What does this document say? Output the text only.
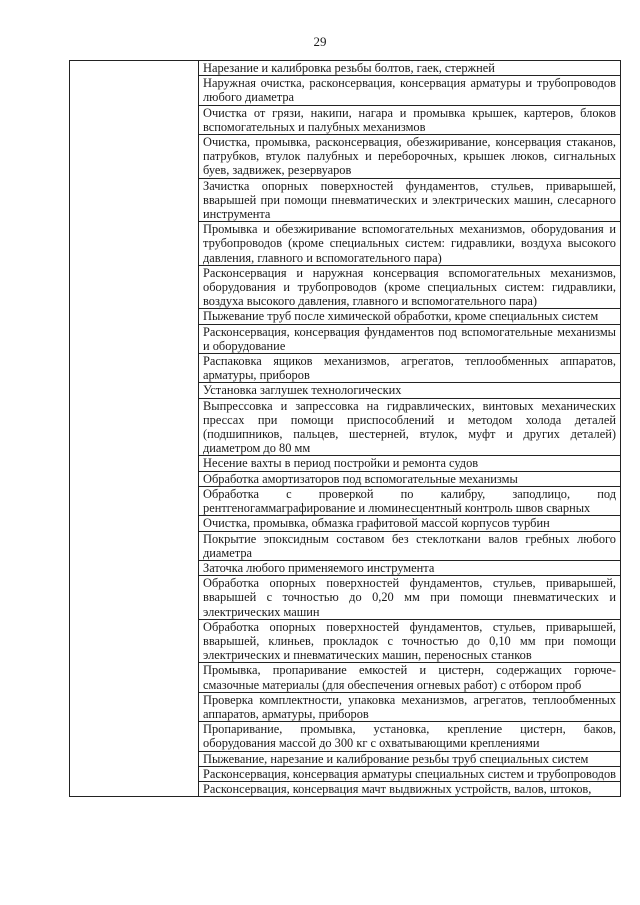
29
	Нарезание и калибровка резьбы болтов, гаек, стержней
Наружная очистка, расконсервация, консервация арматуры и трубопроводов любого диаметра
Очистка от грязи, накипи, нагара и промывка крышек, картеров, блоков вспомогательных и палубных механизмов
Очистка, промывка, расконсервация, обезжиривание, консервация стаканов, патрубков, втулок палубных и переборочных, крышек люков, сигнальных буев, задвижек, резервуаров
Зачистка опорных поверхностей фундаментов, стульев, приварышей, вварышей при помощи пневматических и электрических машин, слесарного инструмента
Промывка и обезжиривание вспомогательных механизмов, оборудования и трубопроводов (кроме специальных систем: гидравлики, воздуха высокого давления, главного и вспомогательного пара)
Расконсервация и наружная консервация вспомогательных механизмов, оборудования и трубопроводов (кроме специальных систем: гидравлики, воздуха высокого давления, главного и вспомогательного пара)
Пыжевание труб после химической обработки, кроме специальных систем
Расконсервация, консервация фундаментов под вспомогательные механизмы и оборудование
Распаковка ящиков механизмов, агрегатов, теплообменных аппаратов, арматуры, приборов
Установка заглушек технологических
Выпрессовка и запрессовка на гидравлических, винтовых механических прессах при помощи приспособлений и методом холода деталей (подшипников, пальцев, шестерней, втулок, муфт и других деталей) диаметром до 80 мм
Несение вахты в период постройки и ремонта судов
Обработка амортизаторов под вспомогательные механизмы
Обработка с проверкой по калибру, заподлицо, под рентгеногаммаграфирование и люминесцентный контроль швов сварных
Очистка, промывка, обмазка графитовой массой корпусов турбин
Покрытие эпоксидным составом без стеклоткани валов гребных любого диаметра
Заточка любого применяемого инструмента
Обработка опорных поверхностей фундаментов, стульев, приварышей, вварышей с точностью до 0,20 мм при помощи пневматических и электрических машин
Обработка опорных поверхностей фундаментов, стульев, приварышей, вварышей, клиньев, прокладок с точностью до 0,10 мм при помощи электрических и пневматических машин, переносных станков
Промывка, пропаривание емкостей и цистерн, содержащих горюче-смазочные материалы (для обеспечения огневых работ) с отбором проб
Проверка комплектности, упаковка механизмов, агрегатов, теплообменных аппаратов, арматуры, приборов
Пропаривание, промывка, установка, крепление цистерн, баков, оборудования массой до 300 кг с охватывающими креплениями
Пыжевание, нарезание и калибрование резьбы труб специальных систем
Расконсервация, консервация арматуры специальных систем и трубопроводов
Расконсервация, консервация мачт выдвижных устройств, валов, штоков,
